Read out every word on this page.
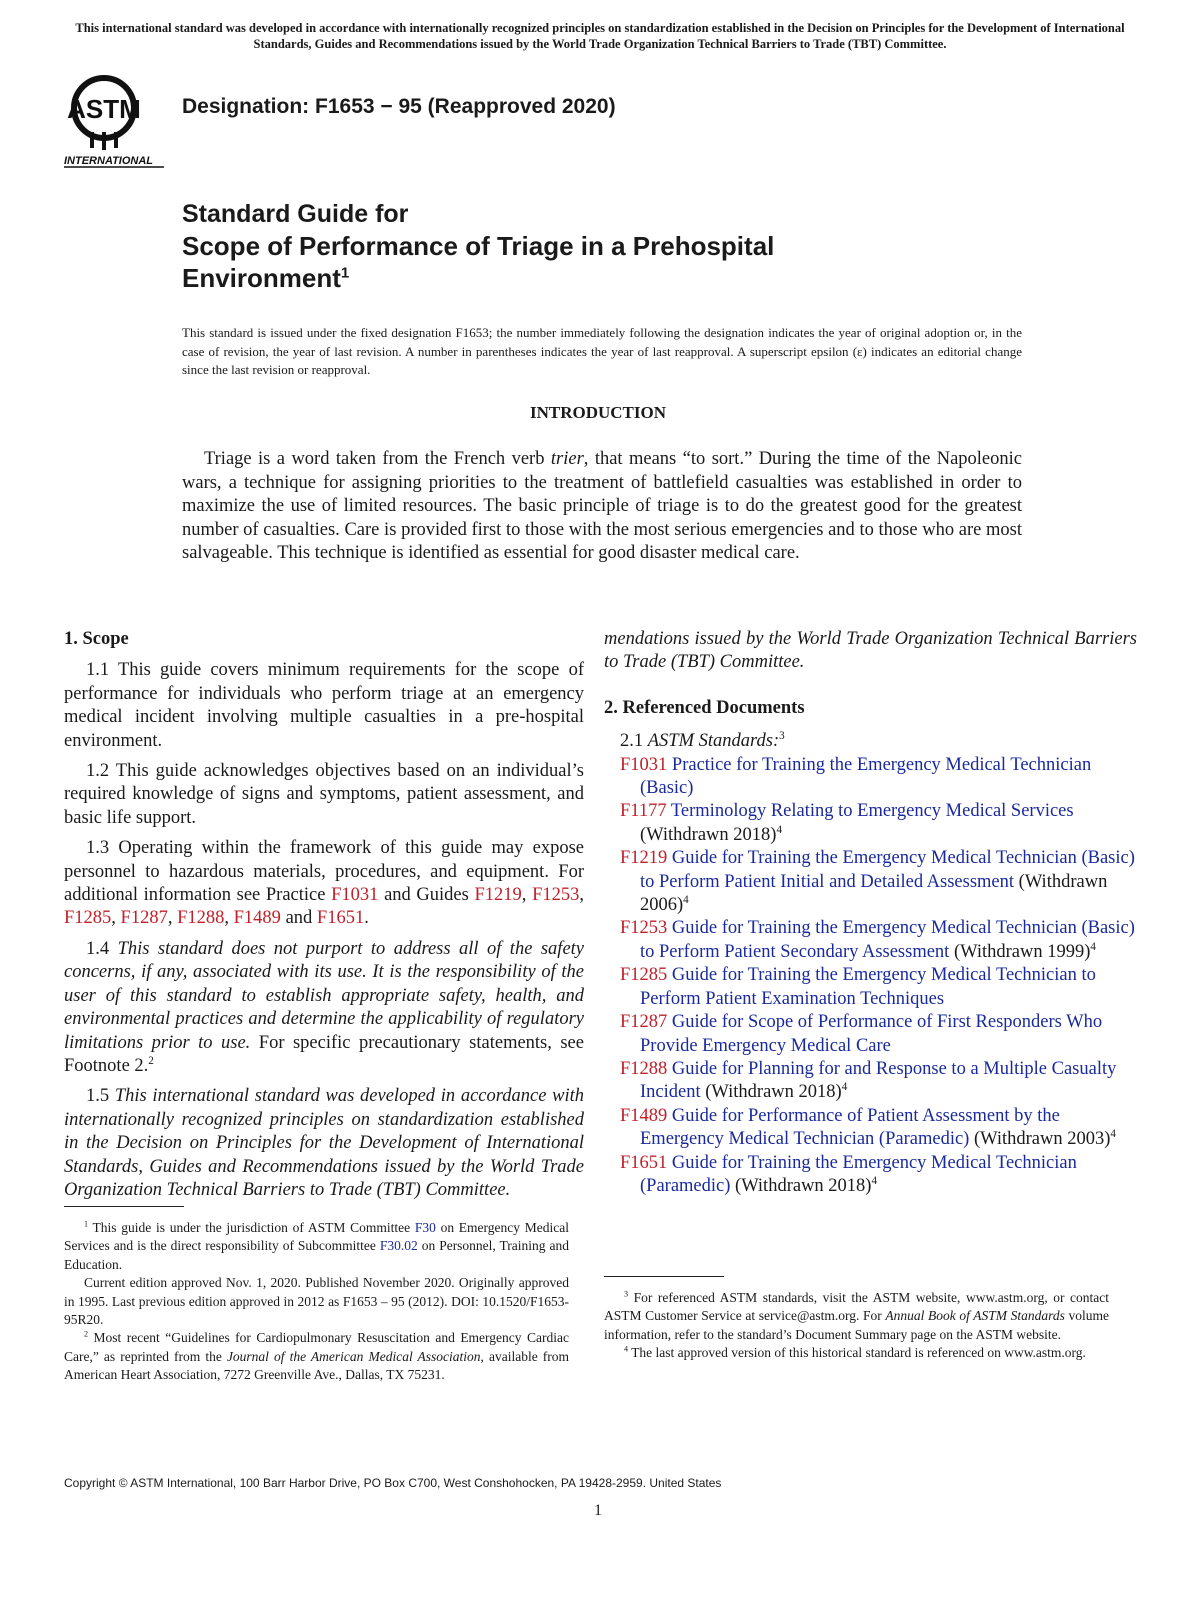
This international standard was developed in accordance with internationally recognized principles on standardization established in the Decision on Principles for the Development of International Standards, Guides and Recommendations issued by the World Trade Organization Technical Barriers to Trade (TBT) Committee.
ASTM
INTERNATIONAL
Designation: F1653 − 95 (Reapproved 2020)
Standard Guide for
Scope of Performance of Triage in a Prehospital
Environment$^1$
This standard is issued under the fixed designation F1653; the number immediately following the designation indicates the year of original adoption or, in the case of revision, the year of last revision. A number in parentheses indicates the year of last reapproval. A superscript epsilon (ε) indicates an editorial change since the last revision or reapproval.
INTRODUCTION

Triage is a word taken from the French verb trier, that means “to sort.” During the time of the Napoleonic wars, a technique for assigning priorities to the treatment of battlefield casualties was established in order to maximize the use of limited resources. The basic principle of triage is to do the greatest good for the greatest number of casualties. Care is provided first to those with the most serious emergencies and to those who are most salvageable. This technique is identified as essential for good disaster medical care.

1. Scope

1.1 This guide covers minimum requirements for the scope of performance for individuals who perform triage at an emergency medical incident involving multiple casualties in a pre-hospital environment.

1.2 This guide acknowledges objectives based on an individual’s required knowledge of signs and symptoms, patient assessment, and basic life support.

1.3 Operating within the framework of this guide may expose personnel to hazardous materials, procedures, and equipment. For additional information see Practice F1031 and Guides F1219, F1253, F1285, F1287, F1288, F1489 and F1651.

1.4 This standard does not purport to address all of the safety concerns, if any, associated with its use. It is the responsibility of the user of this standard to establish appropriate safety, health, and environmental practices and determine the applicability of regulatory limitations prior to use. For specific precautionary statements, see Footnote 2.$^2$

1.5 This international standard was developed in accordance with internationally recognized principles on standardization established in the Decision on Principles for the Development of International Standards, Guides and Recommendations issued by the World Trade Organization Technical Barriers to Trade (TBT) Committee.

$^1$ This guide is under the jurisdiction of ASTM Committee F30 on Emergency Medical Services and is the direct responsibility of Subcommittee F30.02 on Personnel, Training and Education.

Current edition approved Nov. 1, 2020. Published November 2020. Originally approved in 1995. Last previous edition approved in 2012 as F1653 – 95 (2012). DOI: 10.1520/F1653-95R20.

$^2$ Most recent “Guidelines for Cardiopulmonary Resuscitation and Emergency Cardiac Care,” as reprinted from the Journal of the American Medical Association, available from American Heart Association, 7272 Greenville Ave., Dallas, TX 75231.

mendations issued by the World Trade Organization Technical Barriers to Trade (TBT) Committee.

2. Referenced Documents

2.1 ASTM Standards:$^3$

F1031 Practice for Training the Emergency Medical Technician (Basic)

F1177 Terminology Relating to Emergency Medical Services (Withdrawn 2018)$^4$

F1219 Guide for Training the Emergency Medical Technician (Basic) to Perform Patient Initial and Detailed Assessment (Withdrawn 2006)$^4$

F1253 Guide for Training the Emergency Medical Technician (Basic) to Perform Patient Secondary Assessment (Withdrawn 1999)$^4$

F1285 Guide for Training the Emergency Medical Technician to Perform Patient Examination Techniques

F1287 Guide for Scope of Performance of First Responders Who Provide Emergency Medical Care

F1288 Guide for Planning for and Response to a Multiple Casualty Incident (Withdrawn 2018)$^4$

F1489 Guide for Performance of Patient Assessment by the Emergency Medical Technician (Paramedic) (Withdrawn 2003)$^4$

F1651 Guide for Training the Emergency Medical Technician (Paramedic) (Withdrawn 2018)$^4$

$^3$ For referenced ASTM standards, visit the ASTM website, www.astm.org, or contact ASTM Customer Service at service@astm.org. For Annual Book of ASTM Standards volume information, refer to the standard’s Document Summary page on the ASTM website.

$^4$ The last approved version of this historical standard is referenced on www.astm.org.

Copyright © ASTM International, 100 Barr Harbor Drive, PO Box C700, West Conshohocken, PA 19428-2959. United States
1
